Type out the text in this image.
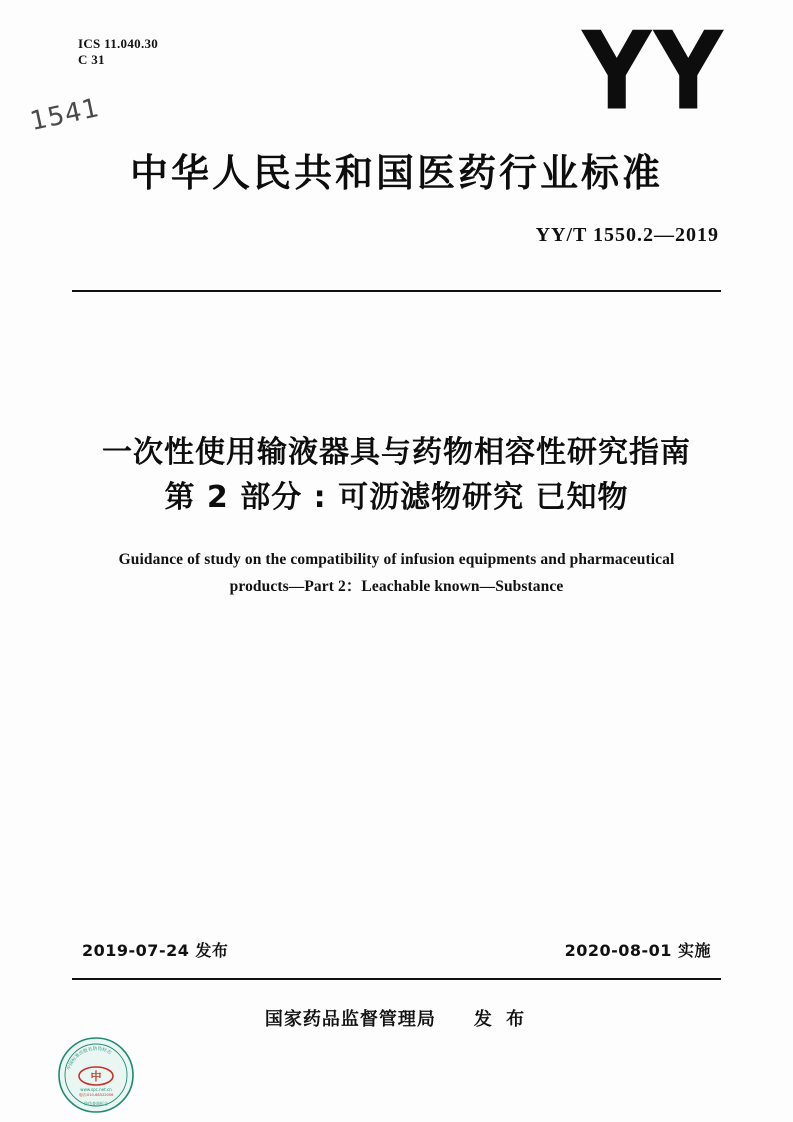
ICS 11.040.30
C 31
1541	YY
中华人民共和国医药行业标准
YY/T 1550.2—2019
一次性使用输液器具与药物相容性研究指南
第 2 部分 : 可沥滤物研究 已知物
Guidance of study on the compatibility of infusion equipments and pharmaceutical
products—Part 2：Leachable known—Substance
2019-07-24 发布	2020-08-01 实施
国家药品监督管理局 发 布
中国标准出版社防伪标志
中
www.spc.net.cn
电话:010-68522006
防伪查询标志
